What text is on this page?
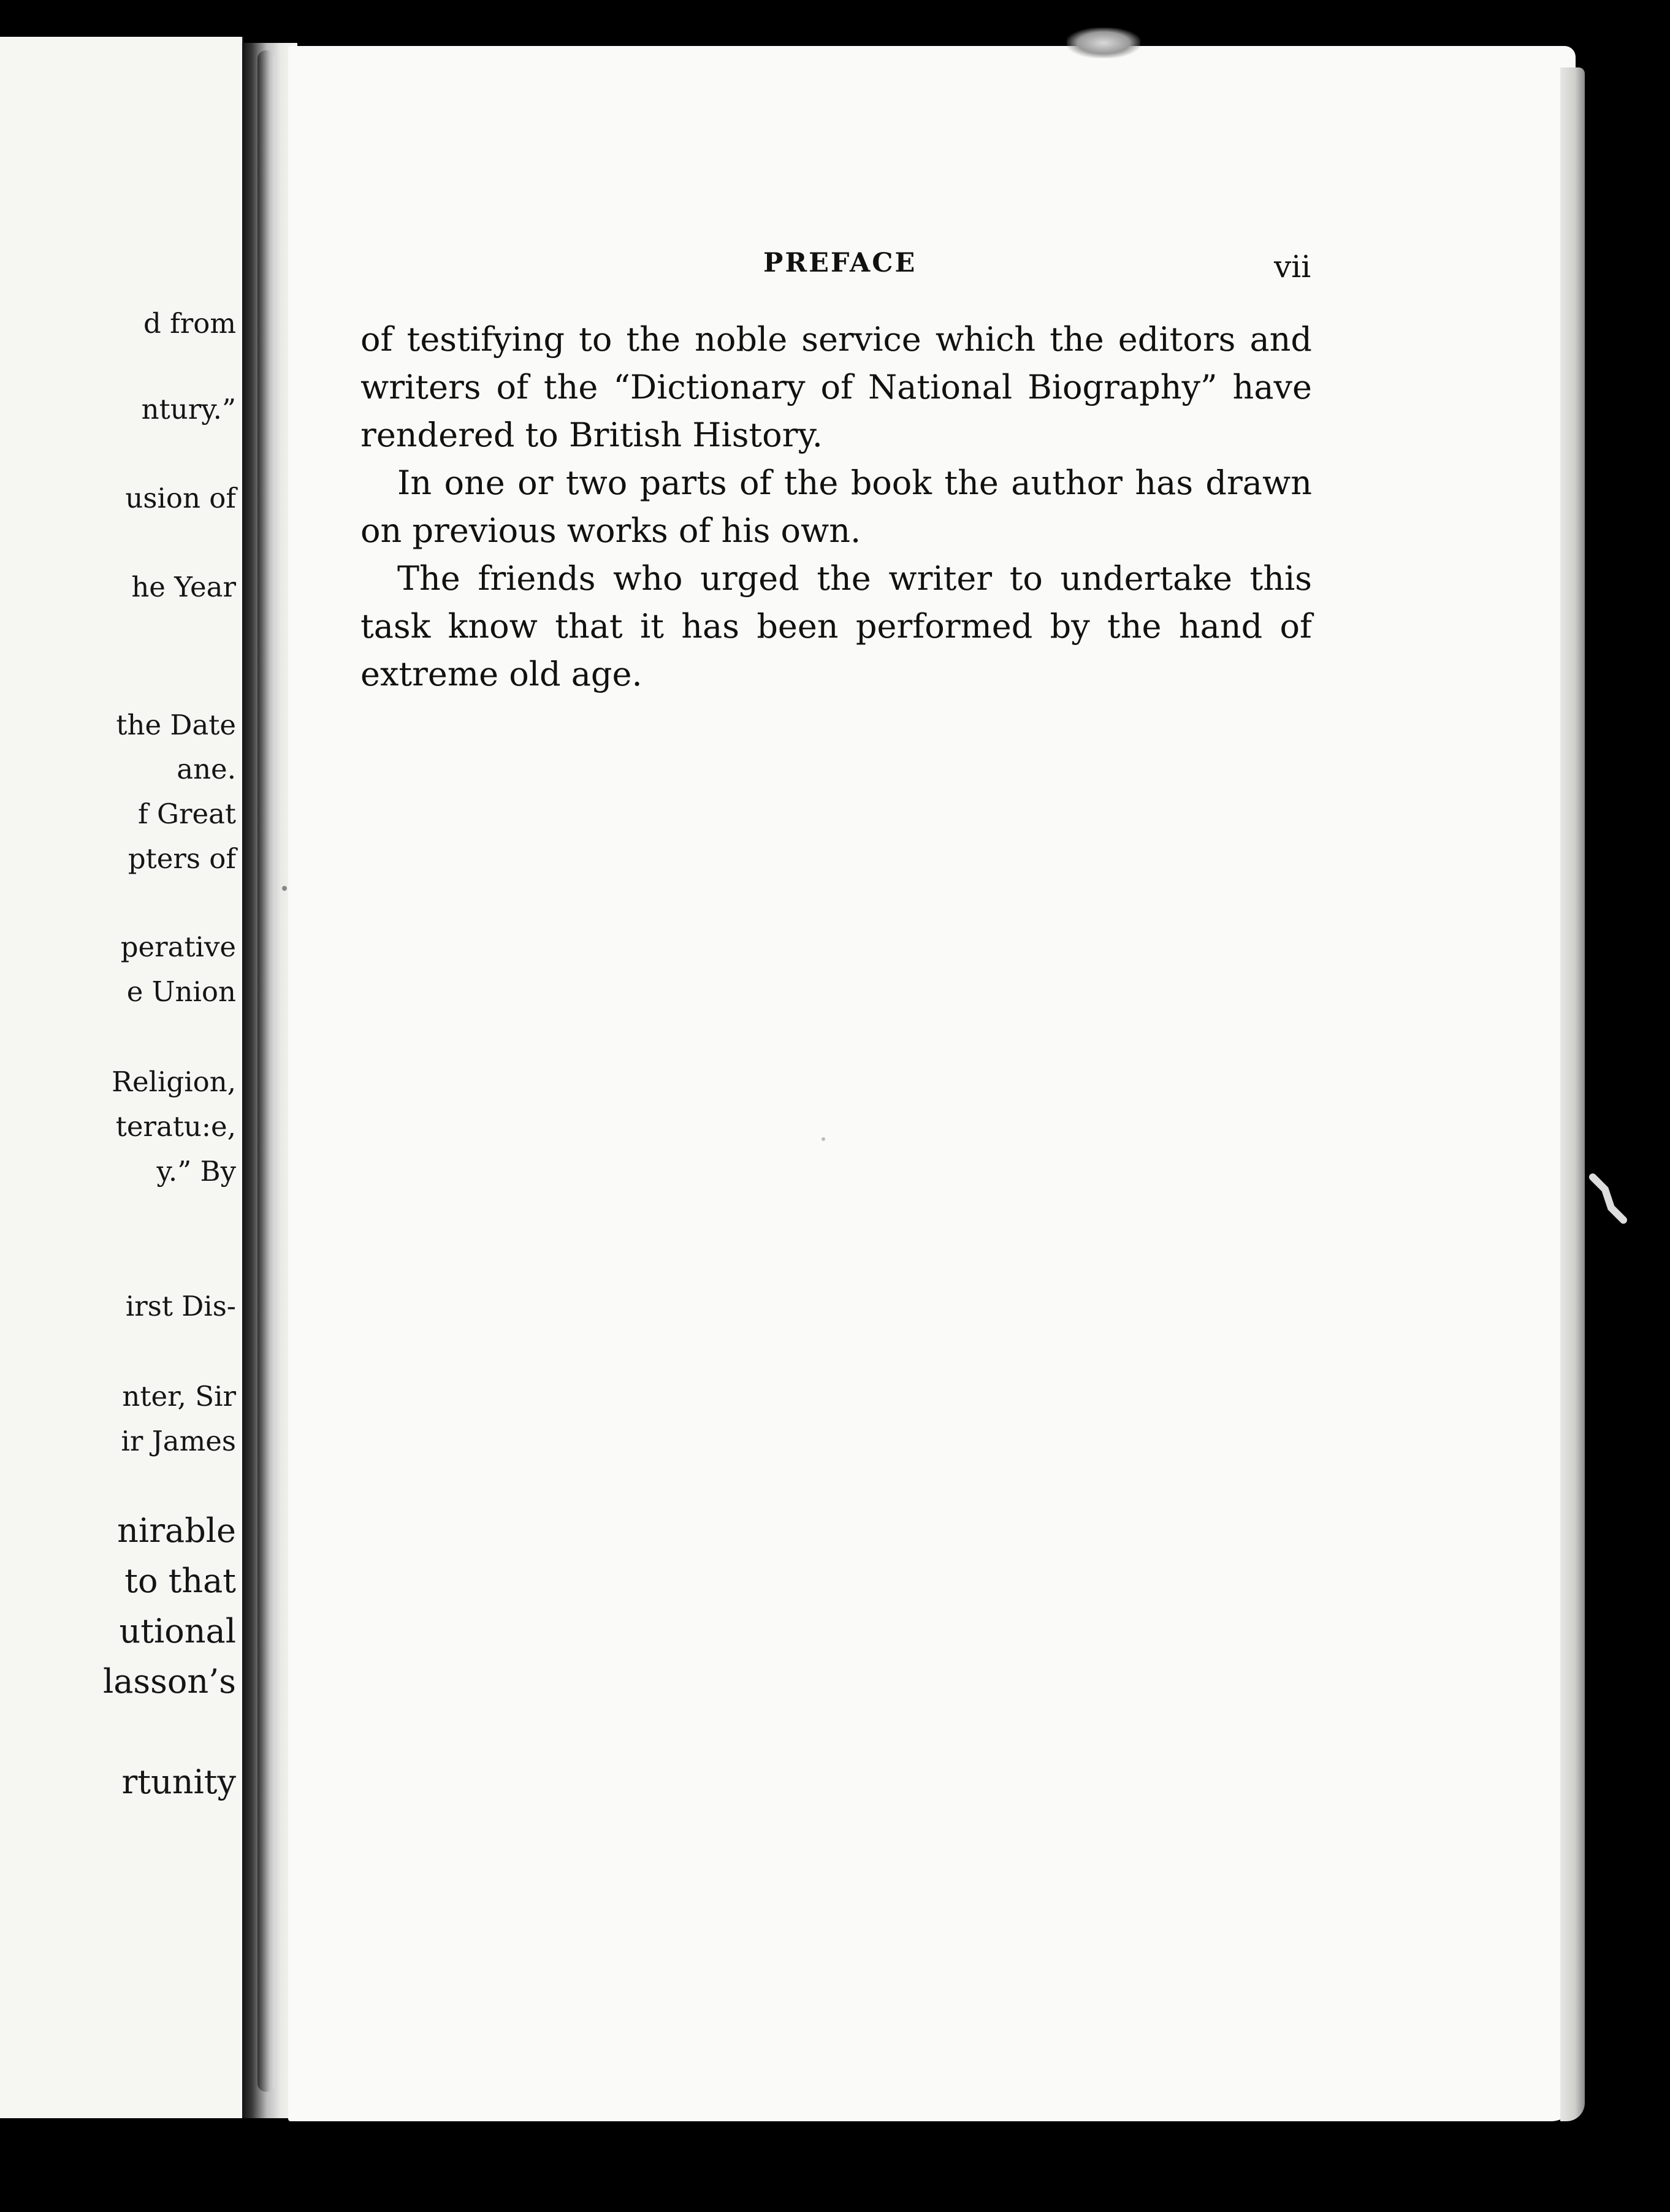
d from

ntury.”

usion of

he Year

the Date

ane.

f Great

pters of

perative

e Union

Religion,

teratu:e,

y.” By

irst Dis-

nter, Sir

ir James

nirable

to that

utional

lasson’s

rtunity

PREFACE	vii

of testifying to the noble service which the editors and writers of the “Dictionary of National Biography” have rendered to British History.

In one or two parts of the book the author has drawn on previous works of his own.

The friends who urged the writer to undertake this task know that it has been performed by the hand of extreme old age.
